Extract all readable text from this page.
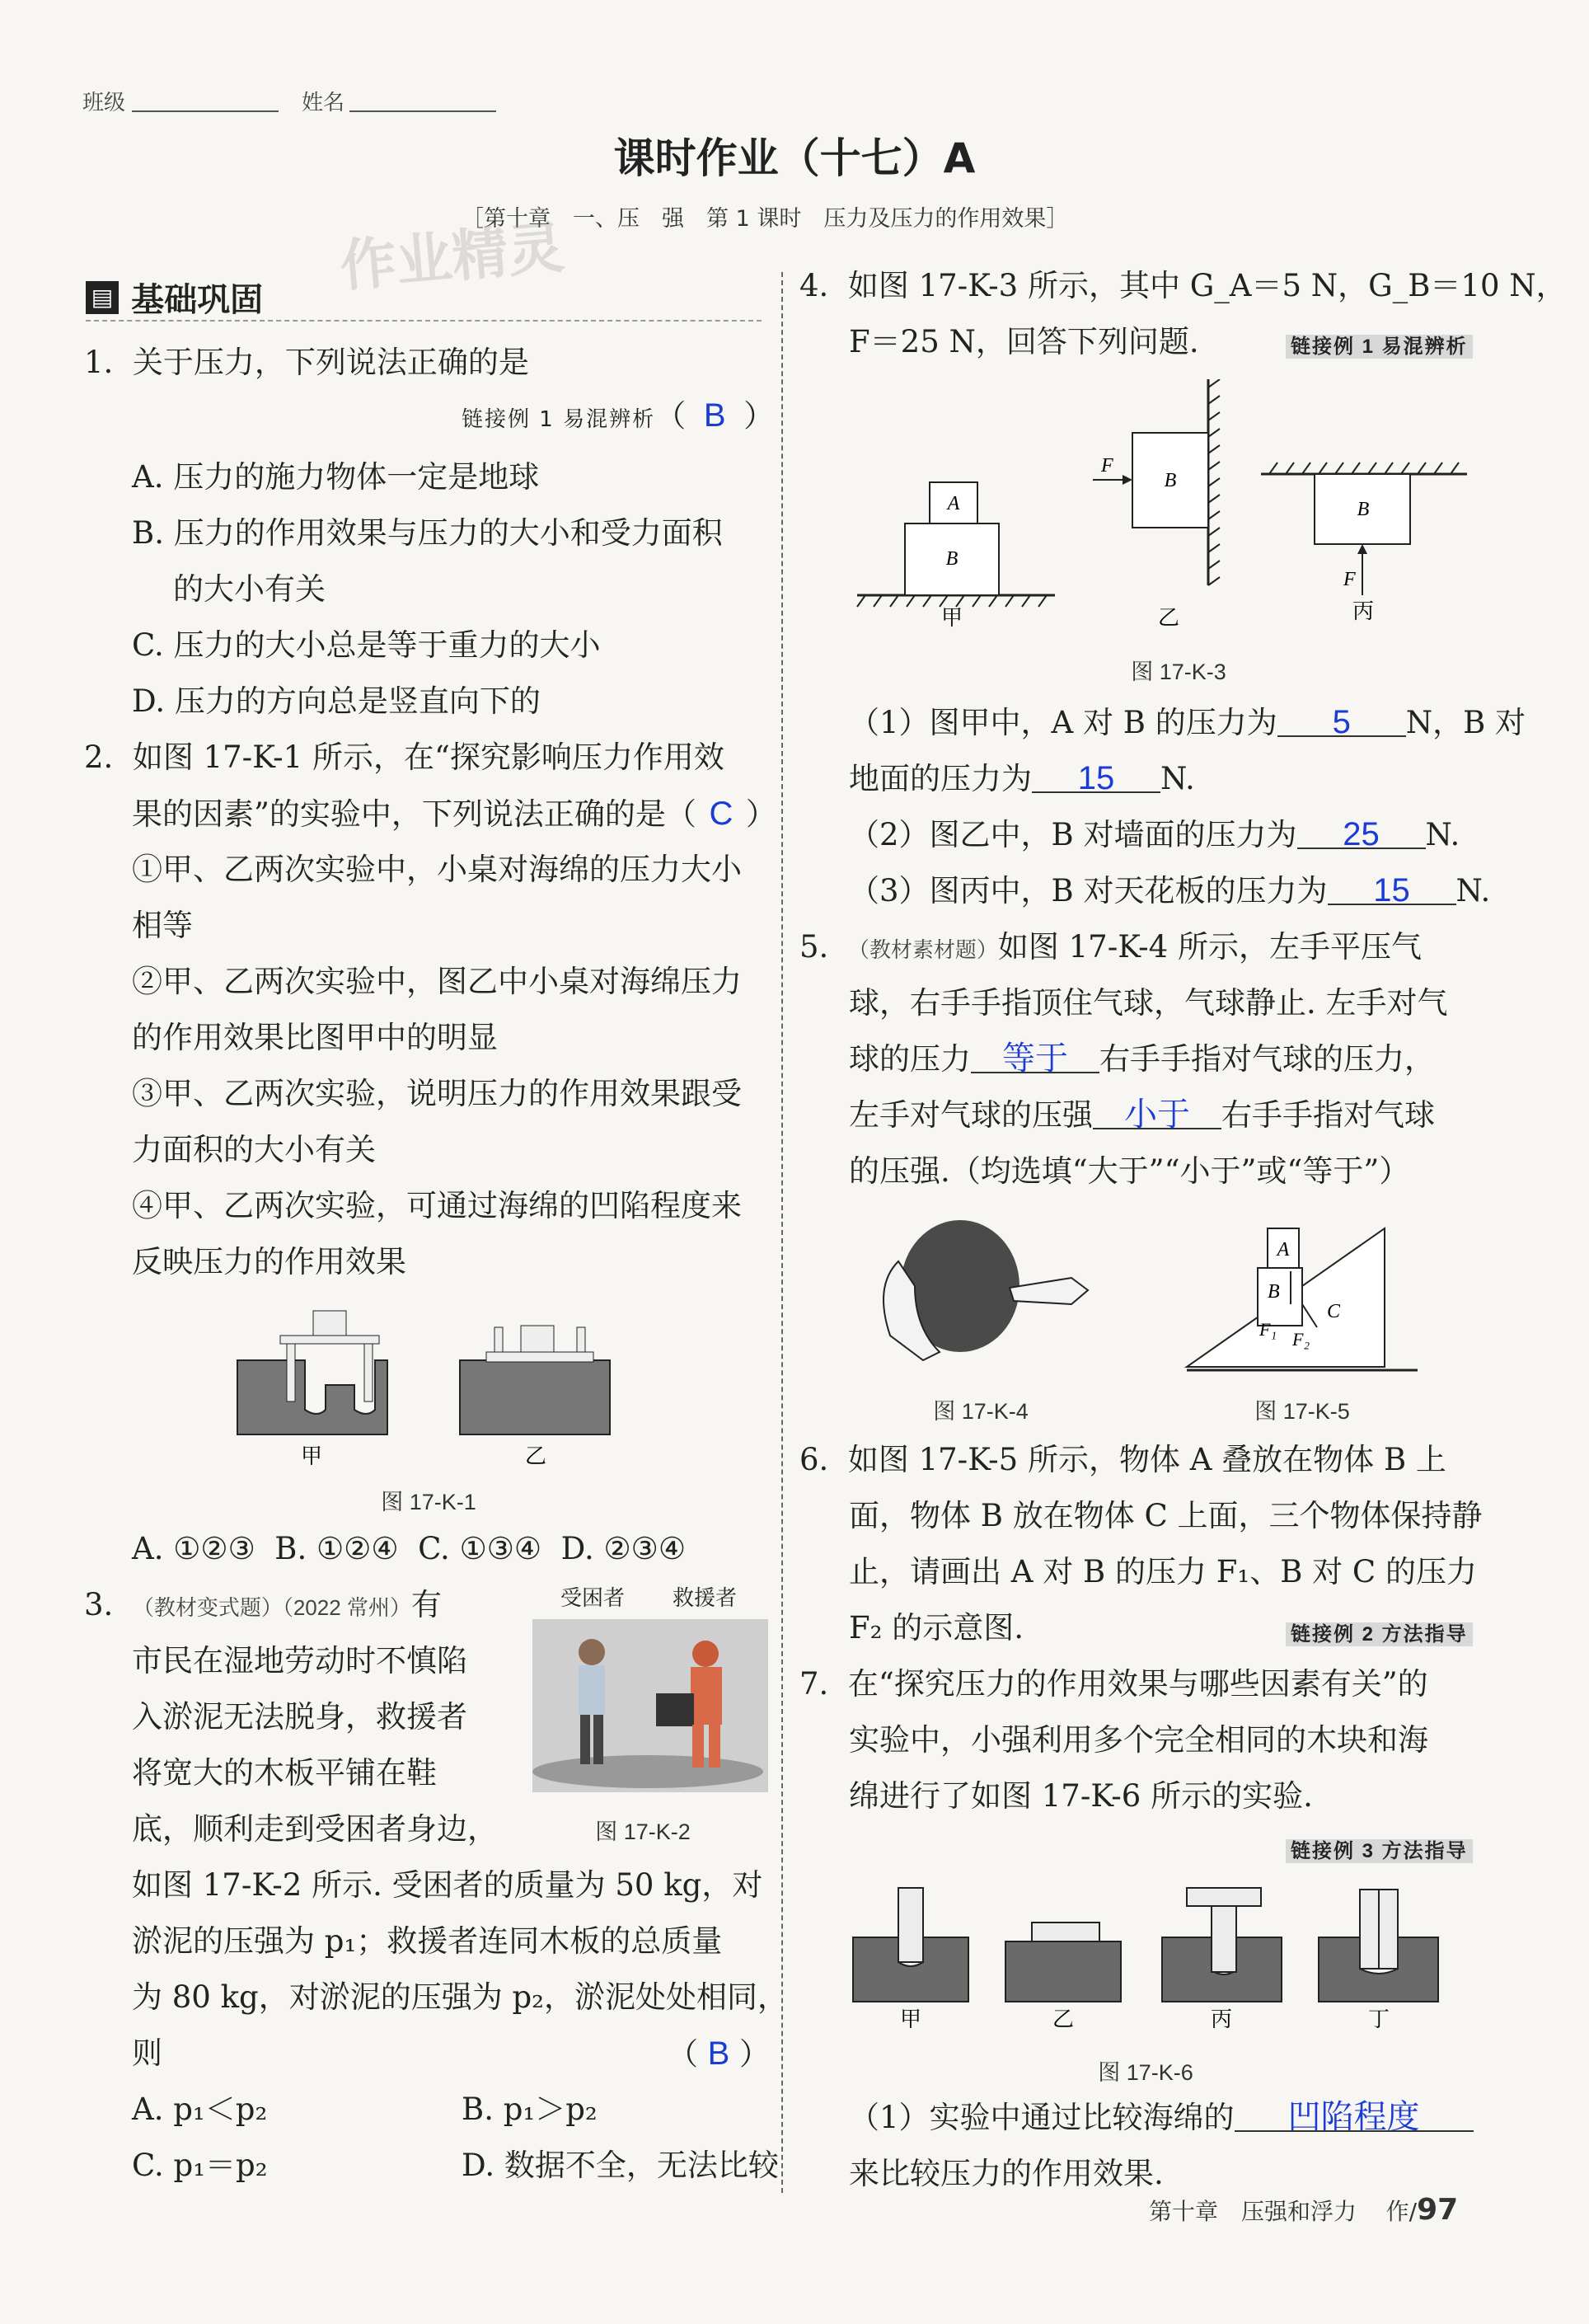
班级	姓名
课时作业（十七）A
［第十章　一、压　强　第 1 课时　压力及压力的作用效果］
作业精灵
▤ 基础巩固
1. 关于压力，下列说法正确的是
链接例 1 易混辨析（ B ）
A. 压力的施力物体一定是地球
B. 压力的作用效果与压力的大小和受力面积
的大小有关
C. 压力的大小总是等于重力的大小
D. 压力的方向总是竖直向下的
2. 如图 17-K-1 所示，在“探究影响压力作用效
果的因素”的实验中，下列说法正确的是（ C ）
①甲、乙两次实验中，小桌对海绵的压力大小
相等
②甲、乙两次实验中，图乙中小桌对海绵压力
的作用效果比图甲中的明显
③甲、乙两次实验，说明压力的作用效果跟受
力面积的大小有关
④甲、乙两次实验，可通过海绵的凹陷程度来
反映压力的作用效果
甲	乙
图 17-K-1
A. ①②③ B. ①②④ C. ①③④ D. ②③④
3. （教材变式题）（2022 常州）有
市民在湿地劳动时不慎陷
入淤泥无法脱身，救援者
将宽大的木板平铺在鞋
底，顺利走到受困者身边，
受困者 救援者
图 17-K-2
如图 17-K-2 所示. 受困者的质量为 50 kg，对
淤泥的压强为 p₁；救援者连同木板的总质量
为 80 kg，对淤泥的压强为 p₂，淤泥处处相同，
则	（ B ）
A. p₁＜p₂	B. p₁＞p₂
C. p₁＝p₂	D. 数据不全，无法比较
4. 如图 17-K-3 所示，其中 G_A＝5 N，G_B＝10 N，
F＝25 N，回答下列问题.	链接例 1 易混辨析
A
B
B
F
B
F
甲	乙	丙
图 17-K-3
（1）图甲中，A 对 B 的压力为 5 N，B 对
地面的压力为 15 N.
（2）图乙中，B 对墙面的压力为 25 N.
（3）图丙中，B 对天花板的压力为 15 N.
5. （教材素材题）如图 17-K-4 所示，左手平压气
球，右手手指顶住气球，气球静止. 左手对气
球的压力 等于 右手手指对气球的压力，
左手对气球的压强 小于 右手手指对气球
的压强.（均选填“大于”“小于”或“等于”）
图 17-K-4
A
B
C
F₁ F₂
图 17-K-5
6. 如图 17-K-5 所示，物体 A 叠放在物体 B 上
面，物体 B 放在物体 C 上面，三个物体保持静
止，请画出 A 对 B 的压力 F₁、B 对 C 的压力
F₂ 的示意图.	链接例 2 方法指导
7. 在“探究压力的作用效果与哪些因素有关”的
实验中，小强利用多个完全相同的木块和海
绵进行了如图 17-K-6 所示的实验.
链接例 3 方法指导
甲	乙	丙	丁
图 17-K-6
（1）实验中通过比较海绵的 凹陷程度
来比较压力的作用效果.
第十章　压强和浮力 作/97
